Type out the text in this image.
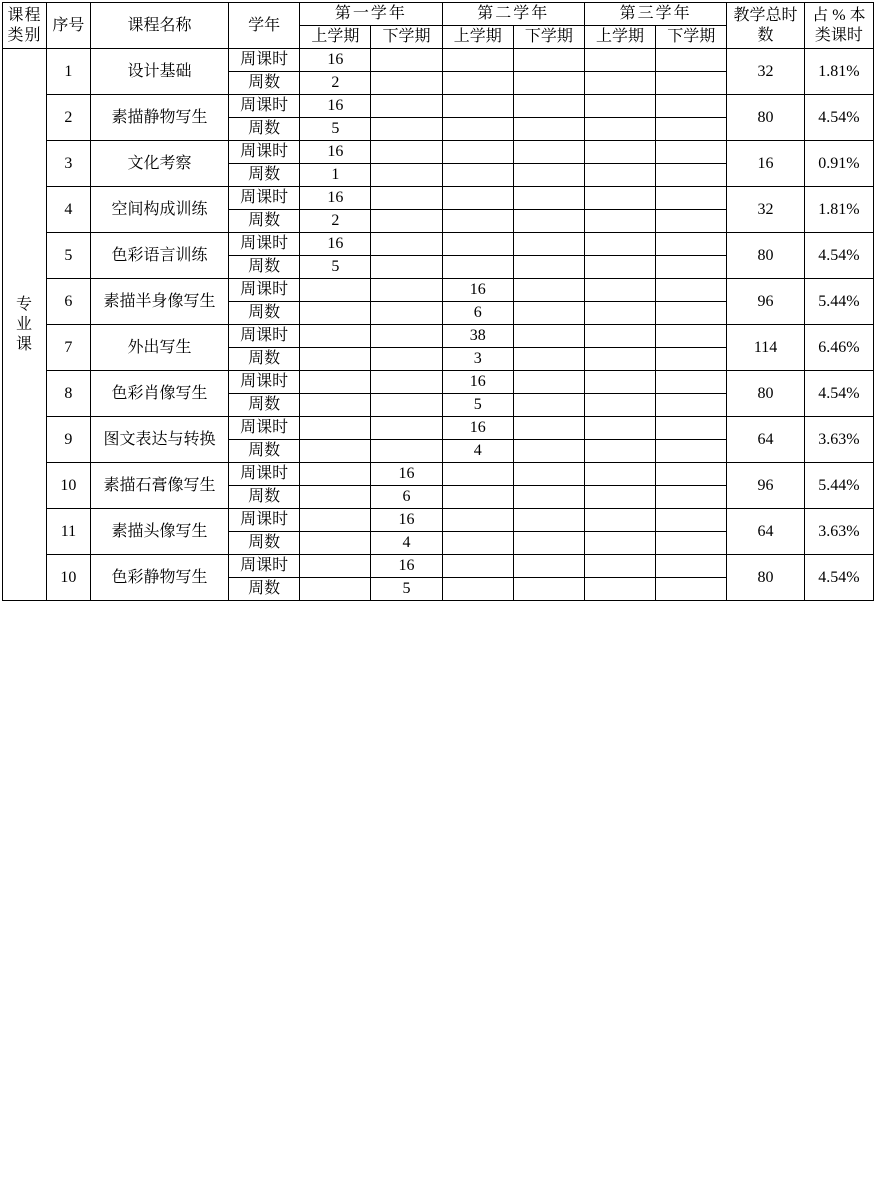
课程类别	序号	课程名称	学年	第一学年		第二学年		第三学年		教学总时数	占 % 本类课时
				上学期	下学期	上学期	下学期	上学期	下学期		

专
业
课	1	设计基础	周课时	16						32	1.81%
			周数	2							
	2	素描静物写生	周课时	16						80	4.54%
			周数	5							
	3	文化考察	周课时	16						16	0.91%
			周数	1							
	4	空间构成训练	周课时	16						32	1.81%
			周数	2							
	5	色彩语言训练	周课时	16						80	4.54%
			周数	5							
	6	素描半身像写生	周课时			16				96	5.44%
			周数			6					
	7	外出写生	周课时			38				114	6.46%
			周数			3					
	8	色彩肖像写生	周课时			16				80	4.54%
			周数			5					
	9	图文表达与转换	周课时			16				64	3.63%
			周数			4					
	10	素描石膏像写生	周课时		16					96	5.44%
			周数		6						
	11	素描头像写生	周课时		16					64	3.63%
			周数		4						
	10	色彩静物写生	周课时		16					80	4.54%
			周数		5						
